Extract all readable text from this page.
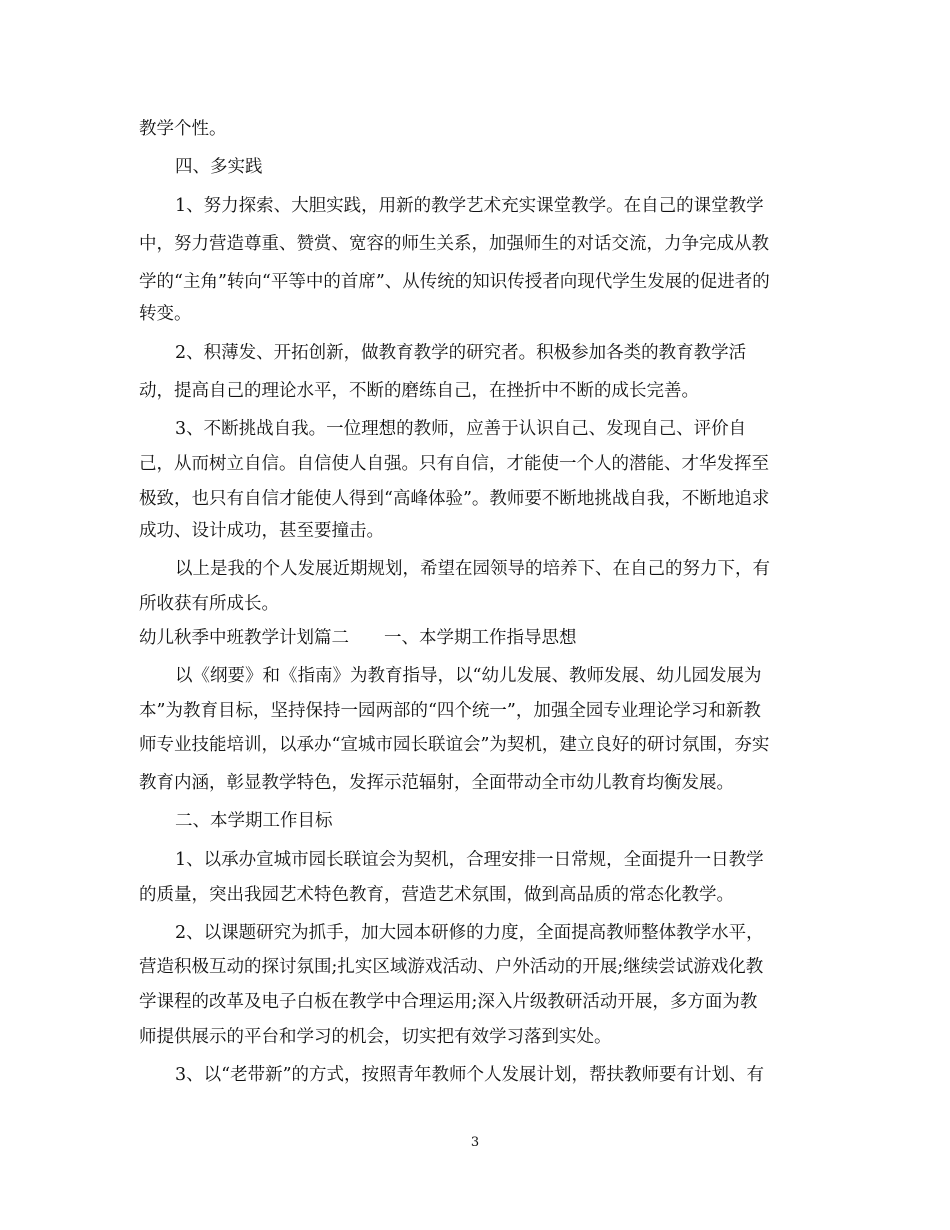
教学个性。
四、多实践
1、努力探索、大胆实践，用新的教学艺术充实课堂教学。在自己的课堂教学
中，努力营造尊重、赞赏、宽容的师生关系，加强师生的对话交流，力争完成从教
学的“主角”转向“平等中的首席”、从传统的知识传授者向现代学生发展的促进者的
转变。
2、积薄发、开拓创新，做教育教学的研究者。积极参加各类的教育教学活
动，提高自己的理论水平，不断的磨练自己，在挫折中不断的成长完善。
3、不断挑战自我。一位理想的教师，应善于认识自己、发现自己、评价自
己，从而树立自信。自信使人自强。只有自信，才能使一个人的潜能、才华发挥至
极致，也只有自信才能使人得到“高峰体验”。教师要不断地挑战自我，不断地追求
成功、设计成功，甚至要撞击。
以上是我的个人发展近期规划，希望在园领导的培养下、在自己的努力下，有
所收获有所成长。
幼儿秋季中班教学计划篇二　　一、本学期工作指导思想
以《纲要》和《指南》为教育指导，以“幼儿发展、教师发展、幼儿园发展为
本”为教育目标，坚持保持一园两部的“四个统一”，加强全园专业理论学习和新教
师专业技能培训，以承办“宣城市园长联谊会”为契机，建立良好的研讨氛围，夯实
教育内涵，彰显教学特色，发挥示范辐射，全面带动全市幼儿教育均衡发展。
二、本学期工作目标
1、以承办宣城市园长联谊会为契机，合理安排一日常规，全面提升一日教学
的质量，突出我园艺术特色教育，营造艺术氛围，做到高品质的常态化教学。
2、以课题研究为抓手，加大园本研修的力度，全面提高教师整体教学水平，
营造积极互动的探讨氛围;扎实区域游戏活动、户外活动的开展;继续尝试游戏化教
学课程的改革及电子白板在教学中合理运用;深入片级教研活动开展，多方面为教
师提供展示的平台和学习的机会，切实把有效学习落到实处。
3、以“老带新”的方式，按照青年教师个人发展计划，帮扶教师要有计划、有
3
